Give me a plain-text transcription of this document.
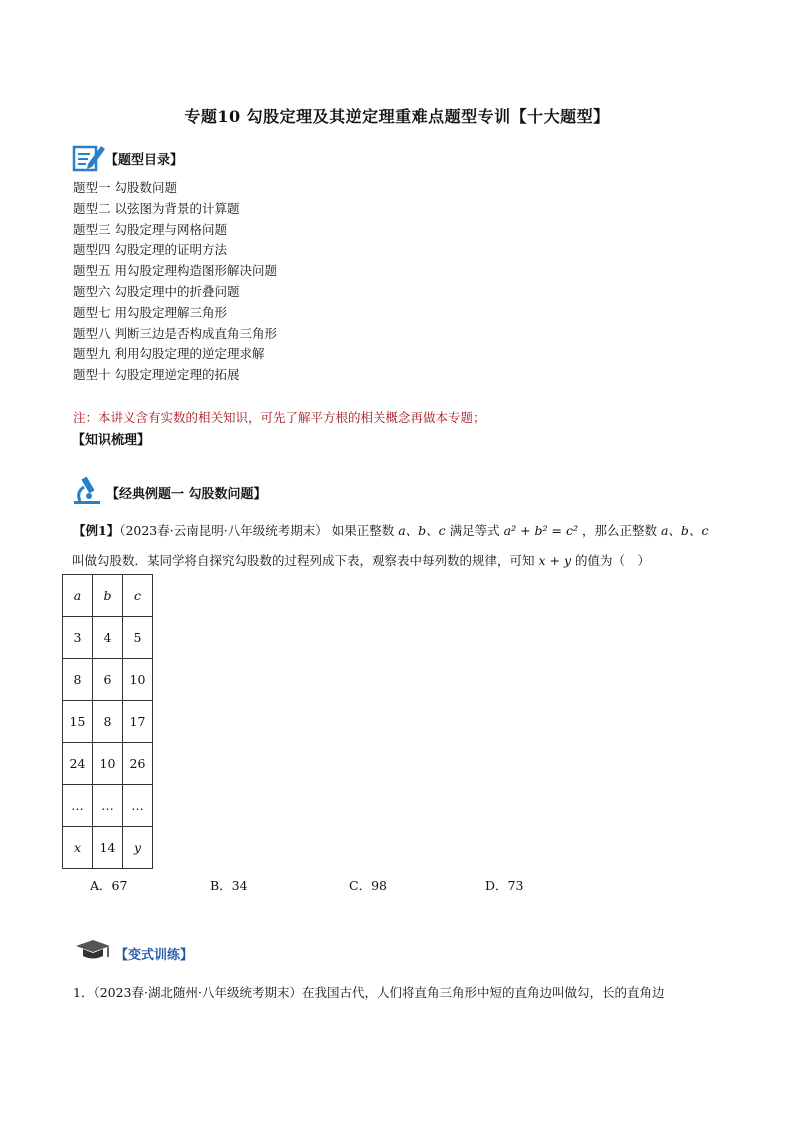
专题10 勾股定理及其逆定理重难点题型专训【十大题型】
【题型目录】
题型一 勾股数问题
题型二 以弦图为背景的计算题
题型三 勾股定理与网格问题
题型四 勾股定理的证明方法
题型五 用勾股定理构造图形解决问题
题型六 勾股定理中的折叠问题
题型七 用勾股定理解三角形
题型八 判断三边是否构成直角三角形
题型九 利用勾股定理的逆定理求解
题型十 勾股定理逆定理的拓展
注：本讲义含有实数的相关知识，可先了解平方根的相关概念再做本专题；
【知识梳理】
【经典例题一 勾股数问题】
【例1】（2023春·云南昆明·八年级统考期末） 如果正整数 a、b、c 满足等式 a² + b² = c² ，那么正整数 a、b、c
叫做勾股数．某同学将自探究勾股数的过程列成下表，观察表中每列数的规律，可知 x + y 的值为（　）
a	b	c
3	4	5
8	6	10
15	8	17
24	10	26
…	…	…
x	14	y
A．67	B．34	C．98	D．73
【变式训练】
1．（2023春·湖北随州·八年级统考期末）在我国古代，人们将直角三角形中短的直角边叫做勾，长的直角边
